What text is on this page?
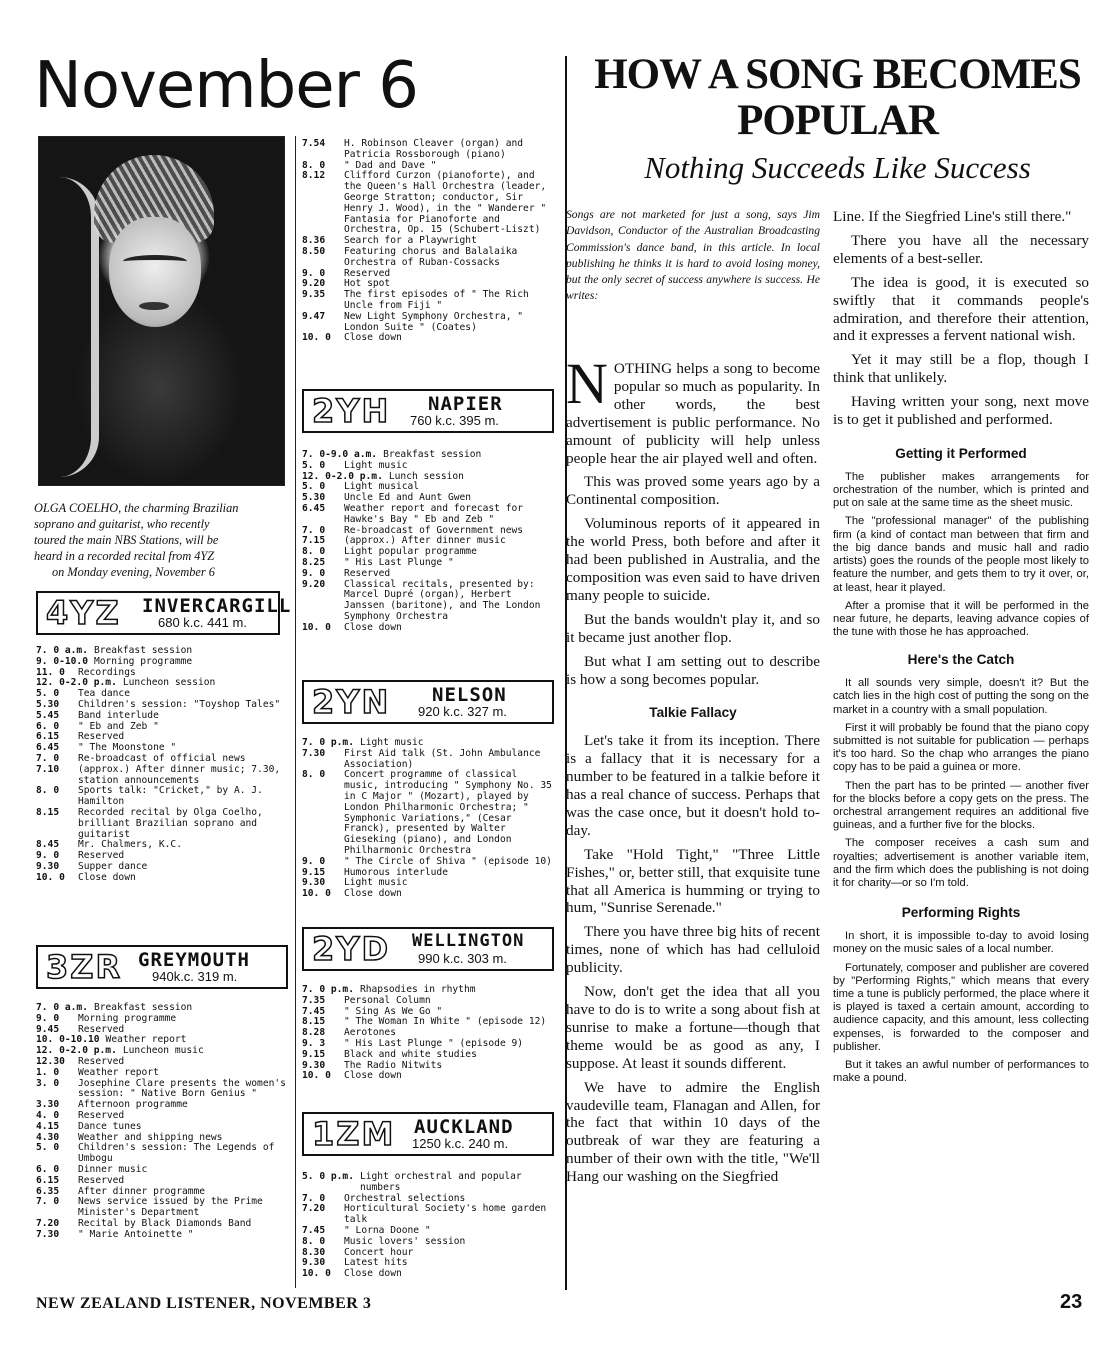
November 6
OLGA COELHO, the charming Brazilian
soprano and guitarist, who recently
toured the main NBS Stations, will be
heard in a recorded recital from 4YZ
on Monday evening, November 6
4YZ INVERCARGILL
680 k.c. 441 m.
7. 0 a.m. Breakfast session
9. 0-10.0 Morning programme
11. 0	Recordings
12. 0-2.0 p.m. Luncheon session
5. 0	Tea dance
5.30	Children's session: "Toyshop Tales"
5.45	Band interlude
6. 0	" Eb and Zeb "
6.15	Reserved
6.45	" The Moonstone "
7. 0	Re-broadcast of official news
7.10	(approx.) After dinner music; 7.30, station announcements
8. 0	Sports talk: "Cricket," by A. J. Hamilton
8.15	Recorded recital by Olga Coelho, brilliant Brazilian soprano and guitarist
8.45	Mr. Chalmers, K.C.
9. 0	Reserved
9.30	Supper dance
10. 0	Close down
3ZR GREYMOUTH
940k.c. 319 m.
7. 0 a.m. Breakfast session
9. 0	Morning programme
9.45	Reserved
10. 0-10.10 Weather report
12. 0-2.0 p.m. Luncheon music
12.30	Reserved
1. 0	Weather report
3. 0	Josephine Clare presents the women's session: " Native Born Genius "
3.30	Afternoon programme
4. 0	Reserved
4.15	Dance tunes
4.30	Weather and shipping news
5. 0	Children's session: The Legends of Umbogu
6. 0	Dinner music
6.15	Reserved
6.35	After dinner programme
7. 0	News service issued by the Prime Minister's Department
7.20	Recital by Black Diamonds Band
7.30	" Marie Antoinette "
7.54	H. Robinson Cleaver (organ) and Patricia Rossborough (piano)
8. 0	" Dad and Dave "
8.12	Clifford Curzon (pianoforte), and the Queen's Hall Orchestra (leader, George Stratton; conductor, Sir Henry J. Wood), in the " Wanderer " Fantasia for Pianoforte and Orchestra, Op. 15 (Schubert-Liszt)
8.36	Search for a Playwright
8.50	Featuring chorus and Balalaika Orchestra of Ruban-Cossacks
9. 0	Reserved
9.20	Hot spot
9.35	The first episodes of " The Rich Uncle from Fiji "
9.47	New Light Symphony Orchestra, " London Suite " (Coates)
10. 0	Close down
2YH NAPIER
760 k.c. 395 m.
7. 0-9.0 a.m. Breakfast session
5. 0	Light music
12. 0-2.0 p.m. Lunch session
5. 0	Light musical
5.30	Uncle Ed and Aunt Gwen
6.45	Weather report and forecast for Hawke's Bay " Eb and Zeb "
7. 0	Re-broadcast of Government news
7.15	(approx.) After dinner music
8. 0	Light popular programme
8.25	" His Last Plunge "
9. 0	Reserved
9.20	Classical recitals, presented by: Marcel Dupré (organ), Herbert Janssen (baritone), and The London Symphony Orchestra
10. 0	Close down
2YN NELSON
920 k.c. 327 m.
7. 0 p.m. Light music
7.30	First Aid talk (St. John Ambulance Association)
8. 0	Concert programme of classical music, introducing " Symphony No. 35 in C Major " (Mozart), played by London Philharmonic Orchestra; " Symphonic Variations," (Cesar Franck), presented by Walter Gieseking (piano), and London Philharmonic Orchestra
9. 0	" The Circle of Shiva " (episode 10)
9.15	Humorous interlude
9.30	Light music
10. 0	Close down
2YD WELLINGTON
990 k.c. 303 m.
7. 0 p.m. Rhapsodies in rhythm
7.35	Personal Column
7.45	" Sing As We Go "
8.15	" The Woman In White " (episode 12)
8.28	Aerotones
9. 3	" His Last Plunge " (episode 9)
9.15	Black and white studies
9.30	The Radio Nitwits
10. 0	Close down
1ZM AUCKLAND
1250 k.c. 240 m.
5. 0 p.m. Light orchestral and popular numbers
7. 0	Orchestral selections
7.20	Horticultural Society's home garden talk
7.45	" Lorna Doone "
8. 0	Music lovers' session
8.30	Concert hour
9.30	Latest hits
10. 0	Close down
HOW A SONG BECOMES
POPULAR
Nothing Succeeds Like Success
Songs are not marketed for just a song, says Jim Davidson, Conductor of the Australian Broadcasting Commission's dance band, in this article. In local publishing he thinks it is hard to avoid losing money, but the only secret of success anywhere is success. He writes:

NOTHING helps a song to become popular so much as popularity. In other words, the best advertisement is public performance. No amount of publicity will help unless people hear the air played well and often.

This was proved some years ago by a Continental composition.

Voluminous reports of it appeared in the world Press, both before and after it had been published in Australia, and the composition was even said to have driven many people to suicide.

But the bands wouldn't play it, and so it became just another flop.

But what I am setting out to describe is how a song becomes popular.

Talkie Fallacy

Let's take it from its inception. There is a fallacy that it is necessary for a number to be featured in a talkie before it has a real chance of success. Perhaps that was the case once, but it doesn't hold to-day.

Take "Hold Tight," "Three Little Fishes," or, better still, that exquisite tune that all America is humming or trying to hum, "Sunrise Serenade."

There you have three big hits of recent times, none of which has had celluloid publicity.

Now, don't get the idea that all you have to do is to write a song about fish at sunrise to make a fortune—though that theme would be as good as any, I suppose. At least it sounds different.

We have to admire the English vaudeville team, Flanagan and Allen, for the fact that within 10 days of the outbreak of war they are featuring a number of their own with the title, "We'll Hang our washing on the Siegfried

Line. If the Siegfried Line's still there."

There you have all the necessary elements of a best-seller.

The idea is good, it is executed so swiftly that it commands people's admiration, and therefore their attention, and it expresses a fervent national wish.

Yet it may still be a flop, though I think that unlikely.

Having written your song, next move is to get it published and performed.

Getting it Performed

The publisher makes arrangements for orchestration of the number, which is printed and put on sale at the same time as the sheet music.

The "professional manager" of the publishing firm (a kind of contact man between that firm and the big dance bands and music hall and radio artists) goes the rounds of the people most likely to feature the number, and gets them to try it over, or, at least, hear it played.

After a promise that it will be performed in the near future, he departs, leaving advance copies of the tune with those he has approached.

Here's the Catch

It all sounds very simple, doesn't it? But the catch lies in the high cost of putting the song on the market in a country with a small population.

First it will probably be found that the piano copy submitted is not suitable for publication — perhaps it's too hard. So the chap who arranges the piano copy has to be paid a guinea or more.

Then the part has to be printed — another fiver for the blocks before a copy gets on the press. The orchestral arrangement requires an additional five guineas, and a further five for the blocks.

The composer receives a cash sum and royalties; advertisement is another variable item, and the firm which does the publishing is not doing it for charity—or so I'm told.

Performing Rights

In short, it is impossible to-day to avoid losing money on the music sales of a local number.

Fortunately, composer and publisher are covered by "Performing Rights," which means that every time a tune is publicly performed, the place where it is played is taxed a certain amount, according to audience capacity, and this amount, less collecting expenses, is forwarded to the composer and publisher.

But it takes an awful number of performances to make a pound.

NEW ZEALAND LISTENER, NOVEMBER 3	23
